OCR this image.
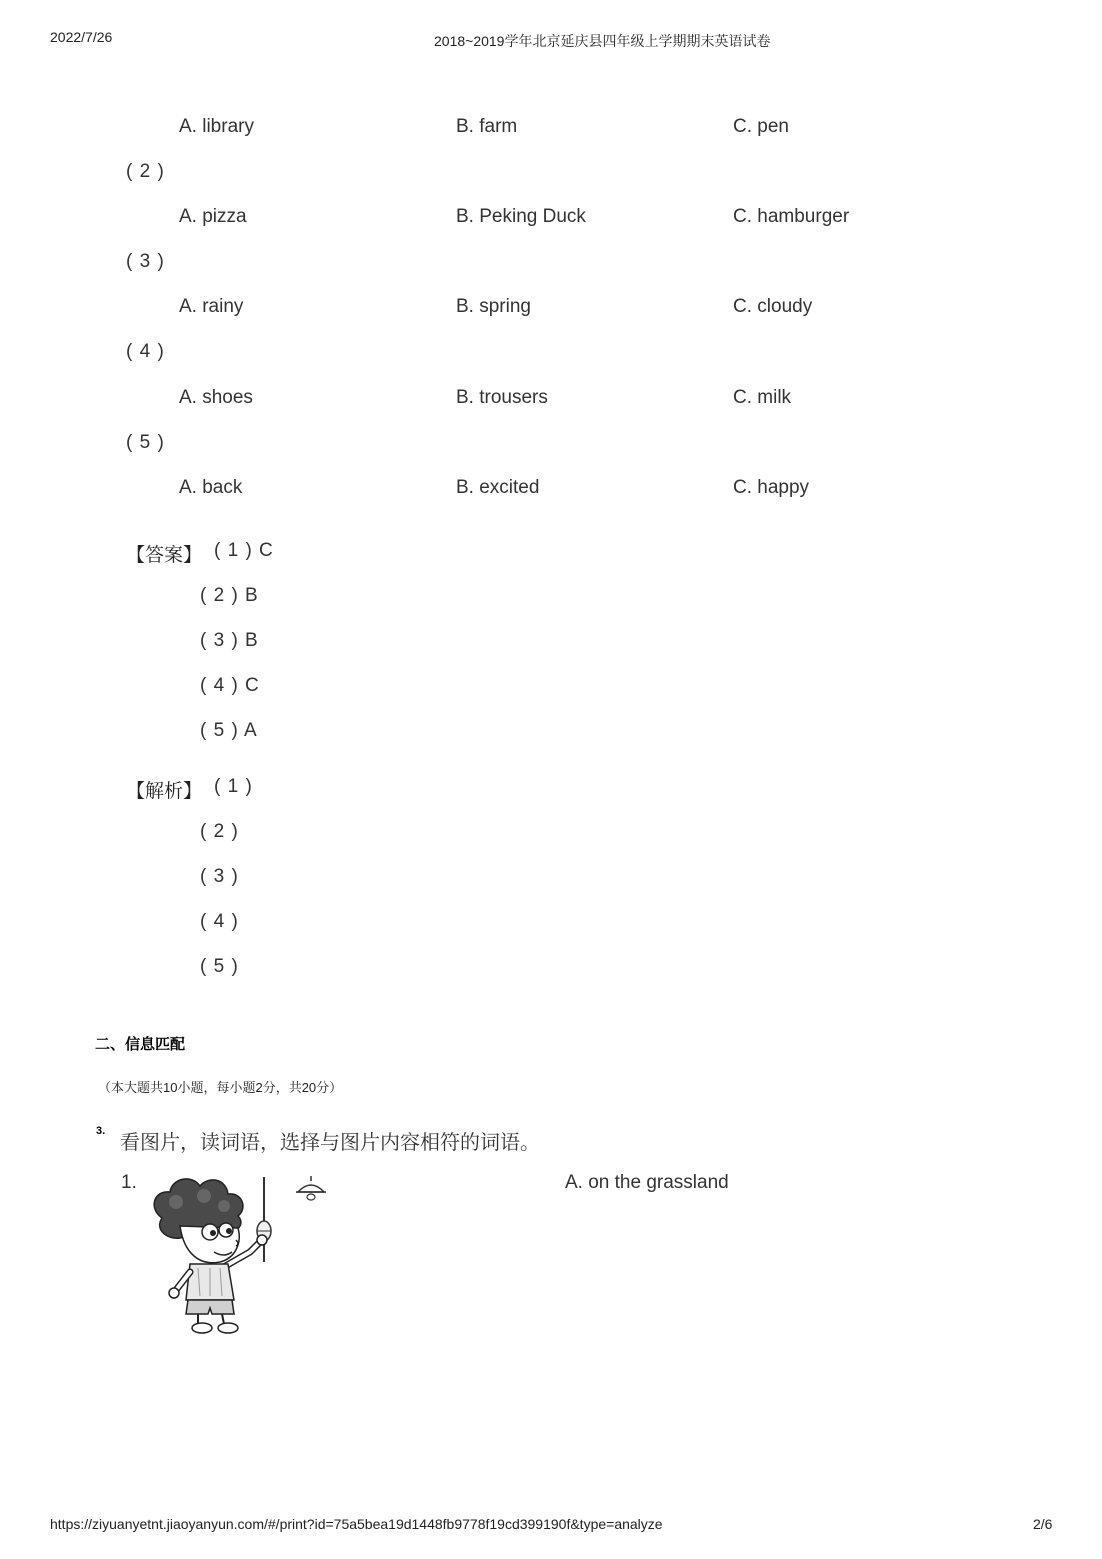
2022/7/26	2018~2019学年北京延庆县四年级上学期期末英语试卷
A. library	B. farm	C. pen
( 2 )
A. pizza	B. Peking Duck	C. hamburger
( 3 )
A. rainy	B. spring	C. cloudy
( 4 )
A. shoes	B. trousers	C. milk
( 5 )
A. back	B. excited	C. happy
【答案】 ( 1 ) C
( 2 ) B
( 3 ) B
( 4 ) C
( 5 ) A
【解析】 ( 1 )
( 2 )
( 3 )
( 4 )
( 5 )
二、信息匹配
（本大题共10小题，每小题2分，共20分）
3.
看图片，读词语，选择与图片内容相符的词语。
1.	A. on the grassland
https://ziyuanyetnt.jiaoyanyun.com/#/print?id=75a5bea19d1448fb9778f19cd399190f&type=analyze	2/6
